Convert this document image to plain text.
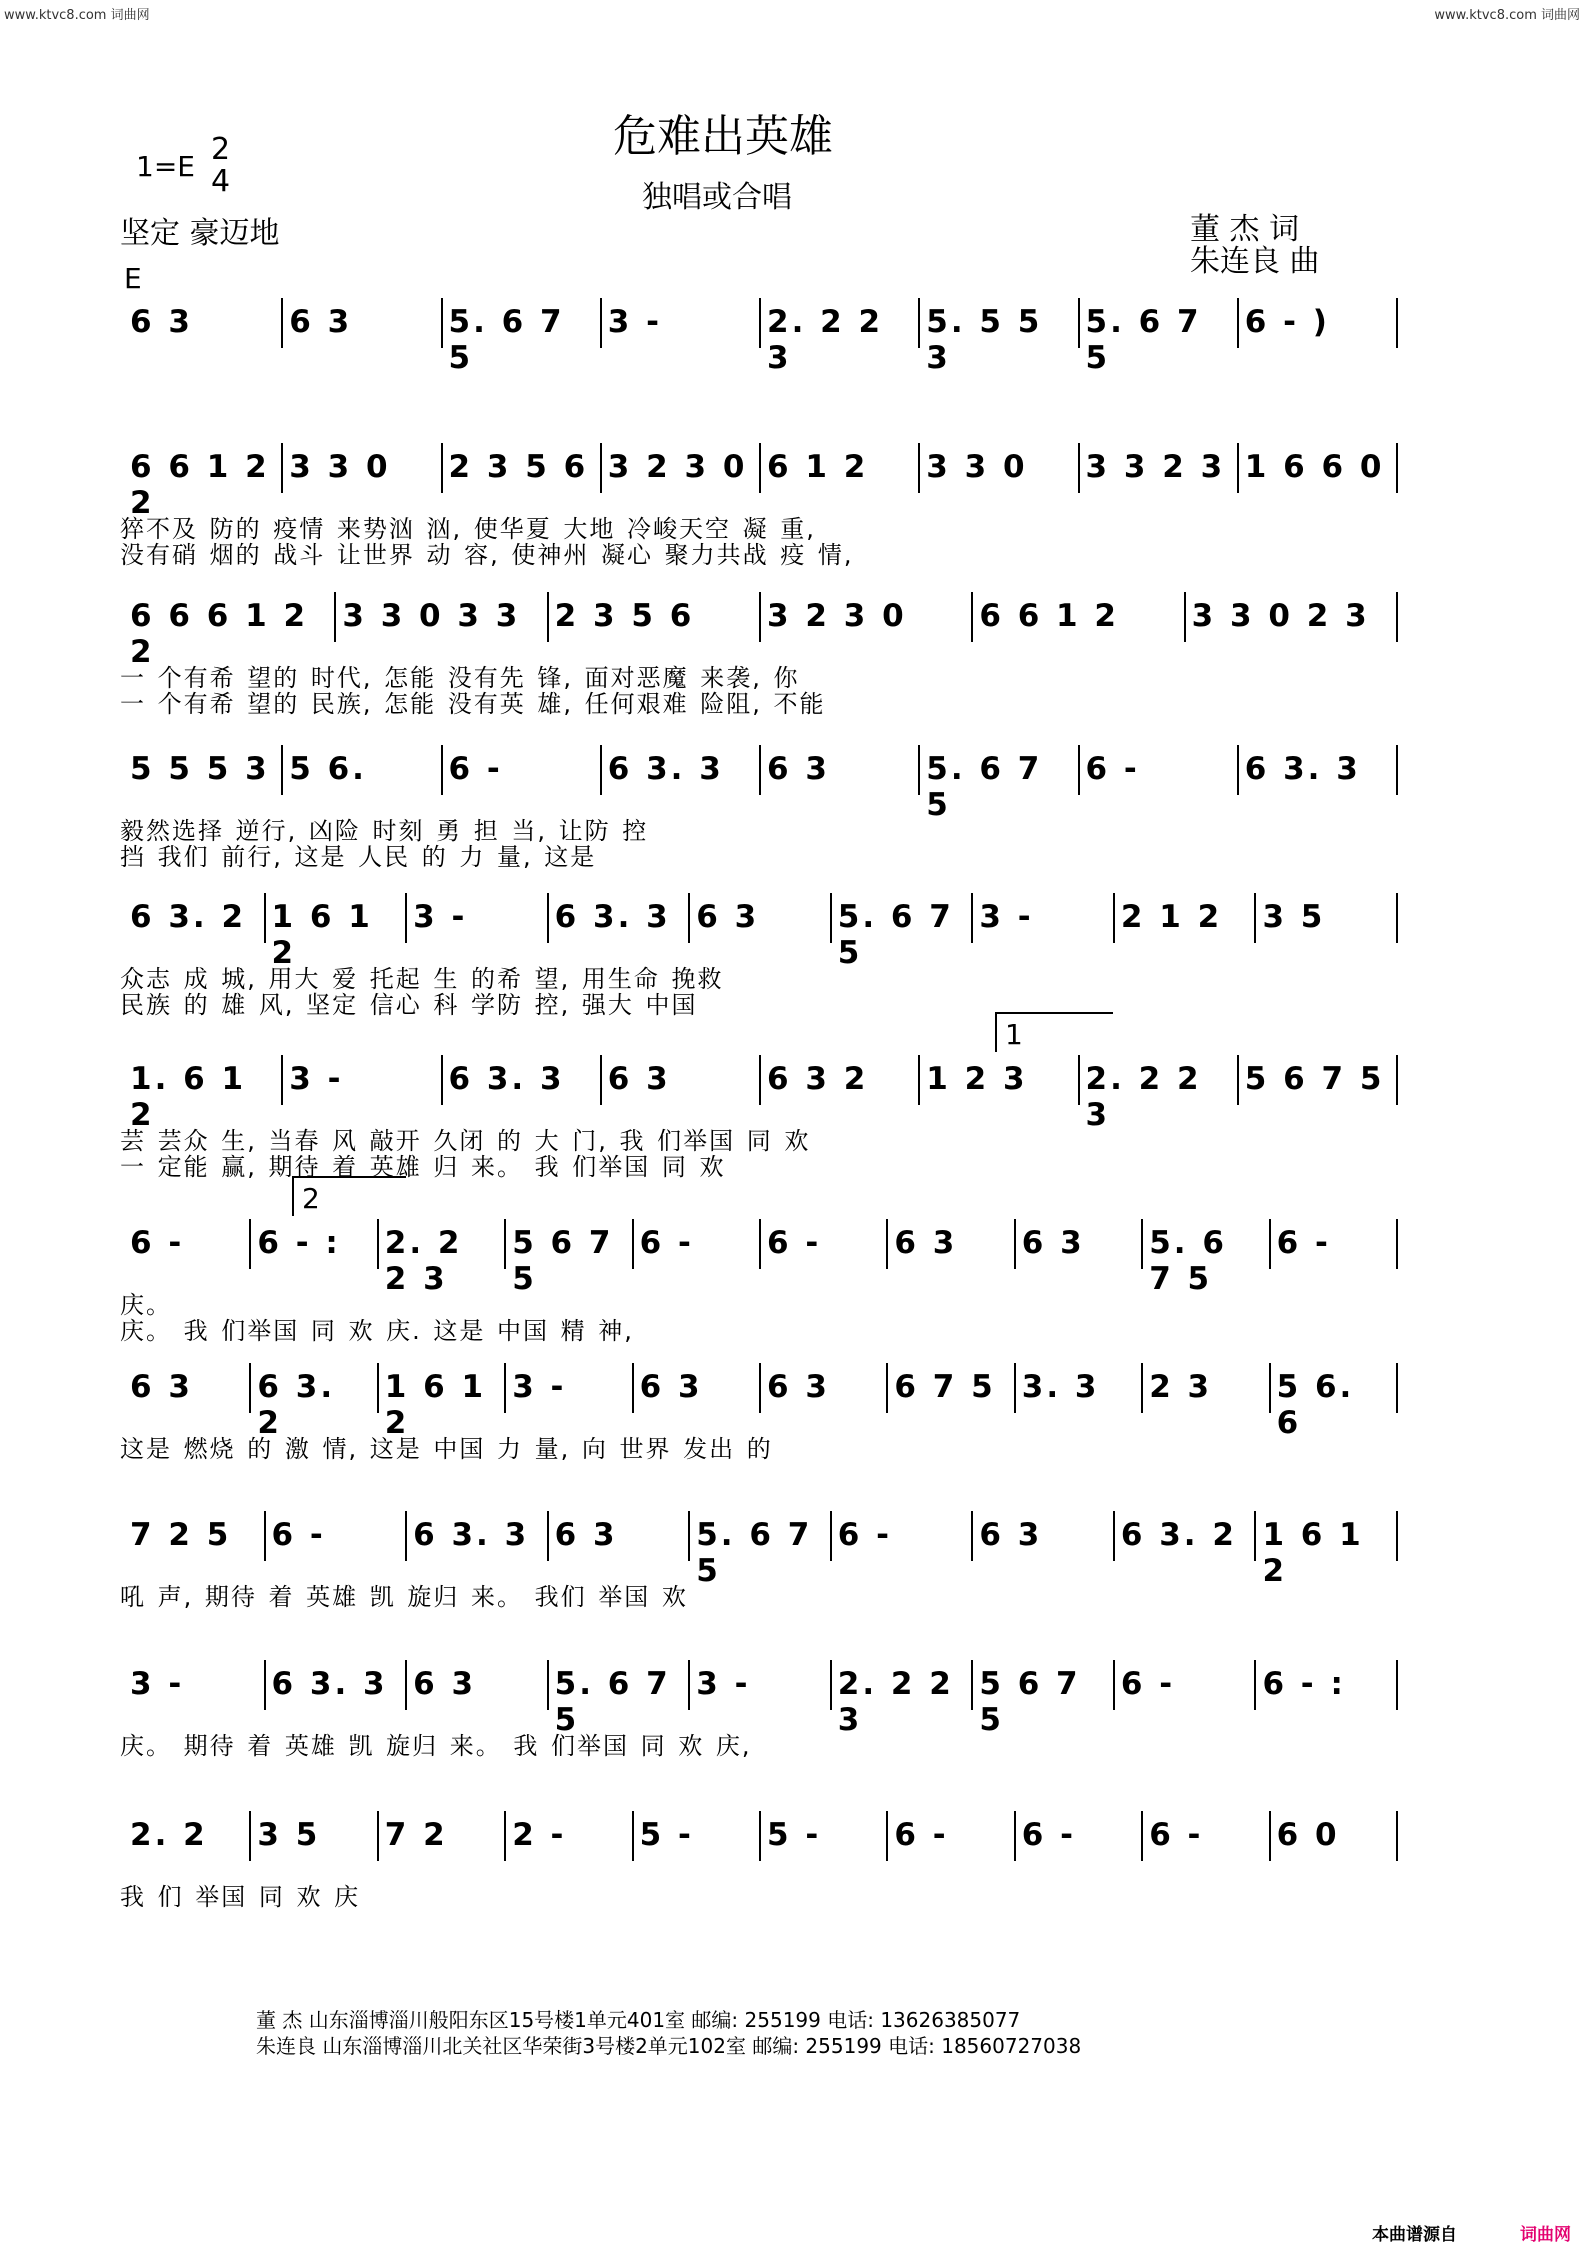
www.ktvc8.com 词曲网	www.ktvc8.com 词曲网
危难出英雄
独唱或合唱
1=E 2
4
坚定 豪迈地	董 杰 词
朱连良 曲
E
6 3	6 3	5. 6 7 5
3 -	2. 2 2 3
5. 5 5 3
5. 6 7 5
6 - )
6 6 1 2 2
3 3 0	2 3 5 6 3 2 3 0 6 1 2	3 3 0	3 3 2 3 1 6 6 0
猝不及 防的 疫情 来势汹 汹, 使华夏 大地 冷峻天空 凝 重,
没有硝 烟的 战斗 让世界 动 容, 使神州 凝心 聚力共战 疫 情,
6 6 6 1 2 2
3 3 0 3 3	2 3 5 6	3 2 3 0	6 6 1 2	3 3 0 2 3
一 个有希 望的 时代, 怎能 没有先 锋, 面对恶魔 来袭, 你
一 个有希 望的 民族, 怎能 没有英 雄, 任何艰难 险阻, 不能
5 5 5 3 5 6.	6 -	6 3. 3	6 3	5. 6 7 5
6 -	6 3. 3
毅然选择 逆行, 凶险 时刻 勇 担 当, 让防 控
挡 我们 前行, 这是 人民 的 力 量, 这是
6 3. 2 1 6 1 2
3 -	6 3. 3 6 3	5. 6 7 5
3 -	2 1 2	3 5
众志 成 城, 用大 爱 托起 生 的希 望, 用生命 挽救
民族 的 雄 风, 坚定 信心 科 学防 控, 强大 中国
1. 6 1 2
3 -	6 3. 3	6 3	6 3 2	1 2 3	2. 2 2 3
5 6 7 5
芸 芸众 生, 当春 风 敲开 久闭 的 大 门, 我 们举国 同 欢
一 定能 赢, 期待 着 英雄 归 来。 我 们举国 同 欢
6 -	6 - :	2. 2 2 3
5 6 7 5
6 -	6 -	6 3	6 3	5. 6 7 5
6 -
庆。
庆。 我 们举国 同 欢 庆. 这是 中国 精 神,
6 3	6 3. 2
1 6 1 2
3 -	6 3	6 3	6 7 5 3. 3	2 3	5 6. 6
这是 燃烧 的 激 情, 这是 中国 力 量, 向 世界 发出 的
7 2 5	6 -	6 3. 3 6 3	5. 6 7 5
6 -	6 3	6 3. 2 1 6 1 2
吼 声, 期待 着 英雄 凯 旋归 来。 我们 举国 欢
3 -	6 3. 3 6 3	5. 6 7 5
3 -	2. 2 2 3
5 6 7 5
6 -	6 - :
庆。 期待 着 英雄 凯 旋归 来。 我 们举国 同 欢 庆,
2. 2	3 5	7 2	2 -	5 -	5 -	6 -	6 -	6 -	6 0
我 们 举国 同 欢 庆
1
2
董 杰 山东淄博淄川般阳东区15号楼1单元401室 邮编: 255199 电话: 13626385077
朱连良 山东淄博淄川北关社区华荣街3号楼2单元102室 邮编: 255199 电话: 18560727038
本曲谱源自	词曲网
